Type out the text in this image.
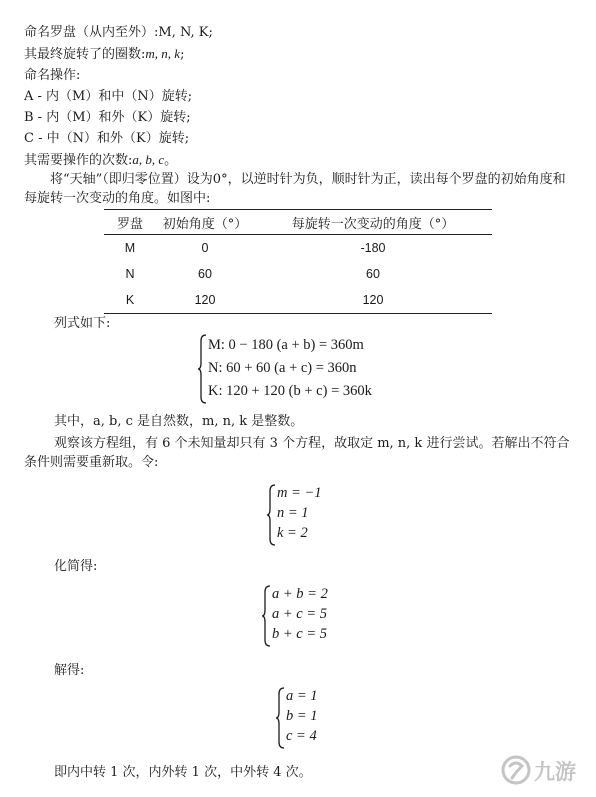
命名罗盘（从内至外）:M, N, K;
其最终旋转了的圈数:m, n, k;
命名操作:
A - 内（M）和中（N）旋转;
B - 内（M）和外（K）旋转;
C - 中（N）和外（K）旋转;
其需要操作的次数:a, b, c。
将“天轴”（即归零位置）设为0°，以逆时针为负，顺时针为正，读出每个罗盘的初始角度和每旋转一次变动的角度。如图中:
罗盘	初始角度（°）	每旋转一次变动的角度（°）
M	0	-180
N	60	60
K	120	120
列式如下:
M: 0 − 180 (a + b) = 360m
N: 60 + 60 (a + c) = 360n
K: 120 + 120 (b + c) = 360k
其中，a, b, c 是自然数，m, n, k 是整数。
观察该方程组，有 6 个未知量却只有 3 个方程，故取定 m, n, k 进行尝试。若解出不符合条件则需要重新取。令:
m = −1
n = 1
k = 2
化简得:
a + b = 2
a + c = 5
b + c = 5
解得:
a = 1
b = 1
c = 4
即内中转 1 次，内外转 1 次，中外转 4 次。	九游
